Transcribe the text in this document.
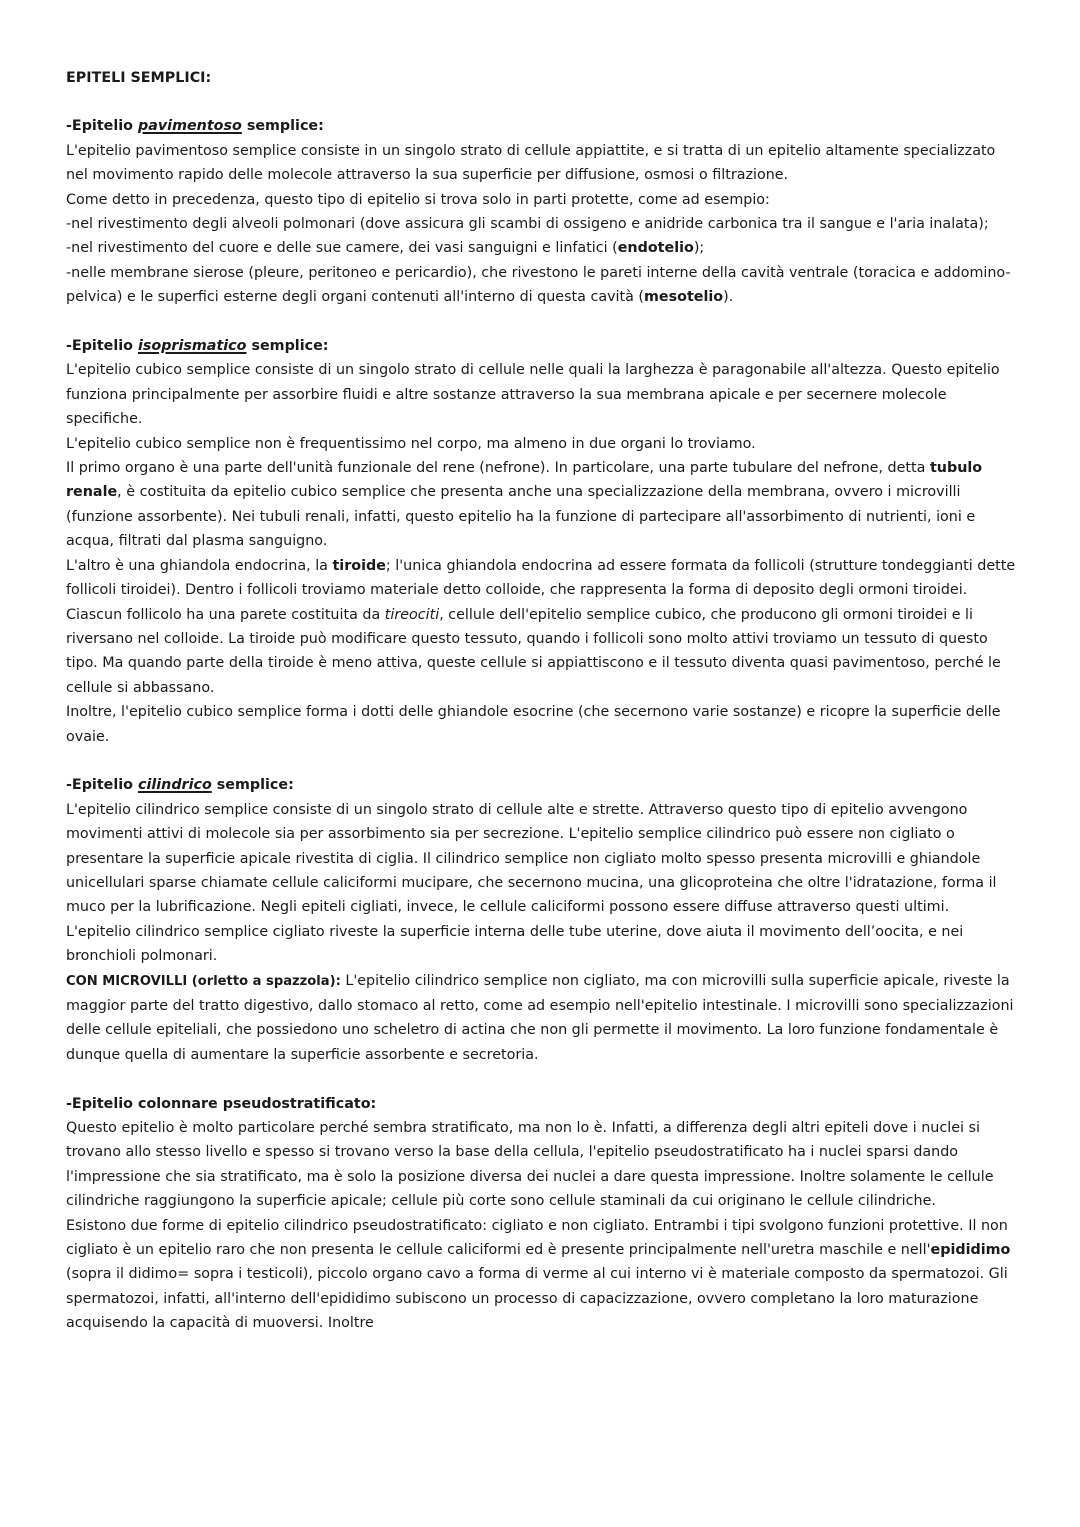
EPITELI SEMPLICI:

-Epitelio pavimentoso semplice:

L'epitelio pavimentoso semplice consiste in un singolo strato di cellule appiattite, e si tratta di un epitelio altamente specializzato nel movimento rapido delle molecole attraverso la sua superficie per diffusione, osmosi o filtrazione.

Come detto in precedenza, questo tipo di epitelio si trova solo in parti protette, come ad esempio:

-nel rivestimento degli alveoli polmonari (dove assicura gli scambi di ossigeno e anidride carbonica tra il sangue e l'aria inalata);

-nel rivestimento del cuore e delle sue camere, dei vasi sanguigni e linfatici (endotelio);

-nelle membrane sierose (pleure, peritoneo e pericardio), che rivestono le pareti interne della cavità ventrale (toracica e addomino-pelvica) e le superfici esterne degli organi contenuti all'interno di questa cavità (mesotelio).

-Epitelio isoprismatico semplice:

L'epitelio cubico semplice consiste di un singolo strato di cellule nelle quali la larghezza è paragonabile all'altezza. Questo epitelio funziona principalmente per assorbire fluidi e altre sostanze attraverso la sua membrana apicale e per secernere molecole specifiche.

L'epitelio cubico semplice non è frequentissimo nel corpo, ma almeno in due organi lo troviamo.

Il primo organo è una parte dell'unità funzionale del rene (nefrone). In particolare, una parte tubulare del nefrone, detta tubulo renale, è costituita da epitelio cubico semplice che presenta anche una specializzazione della membrana, ovvero i microvilli (funzione assorbente). Nei tubuli renali, infatti, questo epitelio ha la funzione di partecipare all'assorbimento di nutrienti, ioni e acqua, filtrati dal plasma sanguigno.

L'altro è una ghiandola endocrina, la tiroide; l'unica ghiandola endocrina ad essere formata da follicoli (strutture tondeggianti dette follicoli tiroidei). Dentro i follicoli troviamo materiale detto colloide, che rappresenta la forma di deposito degli ormoni tiroidei. Ciascun follicolo ha una parete costituita da tireociti, cellule dell'epitelio semplice cubico, che producono gli ormoni tiroidei e li riversano nel colloide. La tiroide può modificare questo tessuto, quando i follicoli sono molto attivi troviamo un tessuto di questo tipo. Ma quando parte della tiroide è meno attiva, queste cellule si appiattiscono e il tessuto diventa quasi pavimentoso, perché le cellule si abbassano.

Inoltre, l'epitelio cubico semplice forma i dotti delle ghiandole esocrine (che secernono varie sostanze) e ricopre la superficie delle ovaie.

-Epitelio cilindrico semplice:

L'epitelio cilindrico semplice consiste di un singolo strato di cellule alte e strette. Attraverso questo tipo di epitelio avvengono movimenti attivi di molecole sia per assorbimento sia per secrezione. L'epitelio semplice cilindrico può essere non cigliato o presentare la superficie apicale rivestita di ciglia. Il cilindrico semplice non cigliato molto spesso presenta microvilli e ghiandole unicellulari sparse chiamate cellule caliciformi mucipare, che secernono mucina, una glicoproteina che oltre l'idratazione, forma il muco per la lubrificazione. Negli epiteli cigliati, invece, le cellule caliciformi possono essere diffuse attraverso questi ultimi.

L'epitelio cilindrico semplice cigliato riveste la superficie interna delle tube uterine, dove aiuta il movimento dell’oocita, e nei bronchioli polmonari.

CON MICROVILLI (orletto a spazzola): L'epitelio cilindrico semplice non cigliato, ma con microvilli sulla superficie apicale, riveste la maggior parte del tratto digestivo, dallo stomaco al retto, come ad esempio nell'epitelio intestinale. I microvilli sono specializzazioni delle cellule epiteliali, che possiedono uno scheletro di actina che non gli permette il movimento. La loro funzione fondamentale è dunque quella di aumentare la superficie assorbente e secretoria.

-Epitelio colonnare pseudostratificato:

Questo epitelio è molto particolare perché sembra stratificato, ma non lo è. Infatti, a differenza degli altri epiteli dove i nuclei si trovano allo stesso livello e spesso si trovano verso la base della cellula, l'epitelio pseudostratificato ha i nuclei sparsi dando l'impressione che sia stratificato, ma è solo la posizione diversa dei nuclei a dare questa impressione. Inoltre solamente le cellule cilindriche raggiungono la superficie apicale; cellule più corte sono cellule staminali da cui originano le cellule cilindriche.

Esistono due forme di epitelio cilindrico pseudostratificato: cigliato e non cigliato. Entrambi i tipi svolgono funzioni protettive. Il non cigliato è un epitelio raro che non presenta le cellule caliciformi ed è presente principalmente nell'uretra maschile e nell'epididimo (sopra il didimo= sopra i testicoli), piccolo organo cavo a forma di verme al cui interno vi è materiale composto da spermatozoi. Gli spermatozoi, infatti, all'interno dell'epididimo subiscono un processo di capacizzazione, ovvero completano la loro maturazione acquisendo la capacità di muoversi. Inoltre
